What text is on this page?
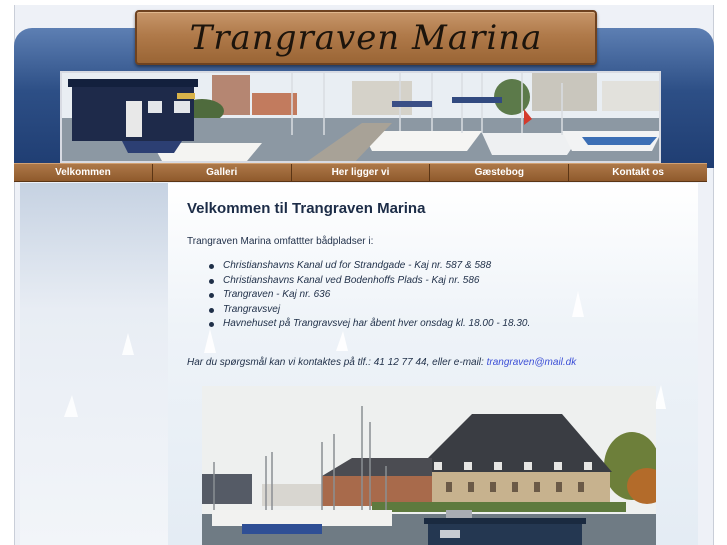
Trangraven Marina
Velkommen	Galleri	Her ligger vi	Gæstebog	Kontakt os
Velkommen til Trangraven Marina

Trangraven Marina omfattter bådpladser i:

Christianshavns Kanal ud for Strandgade - Kaj nr. 587 & 588
Christianshavns Kanal ved Bodenhoffs Plads - Kaj nr. 586
Trangraven - Kaj nr. 636
Trangravsvej
Havnehuset på Trangravsvej har åbent hver onsdag kl. 18.00 - 18.30.

Har du spørgsmål kan vi kontaktes på tlf.: 41 12 77 44, eller e-mail: trangraven@mail.dk
